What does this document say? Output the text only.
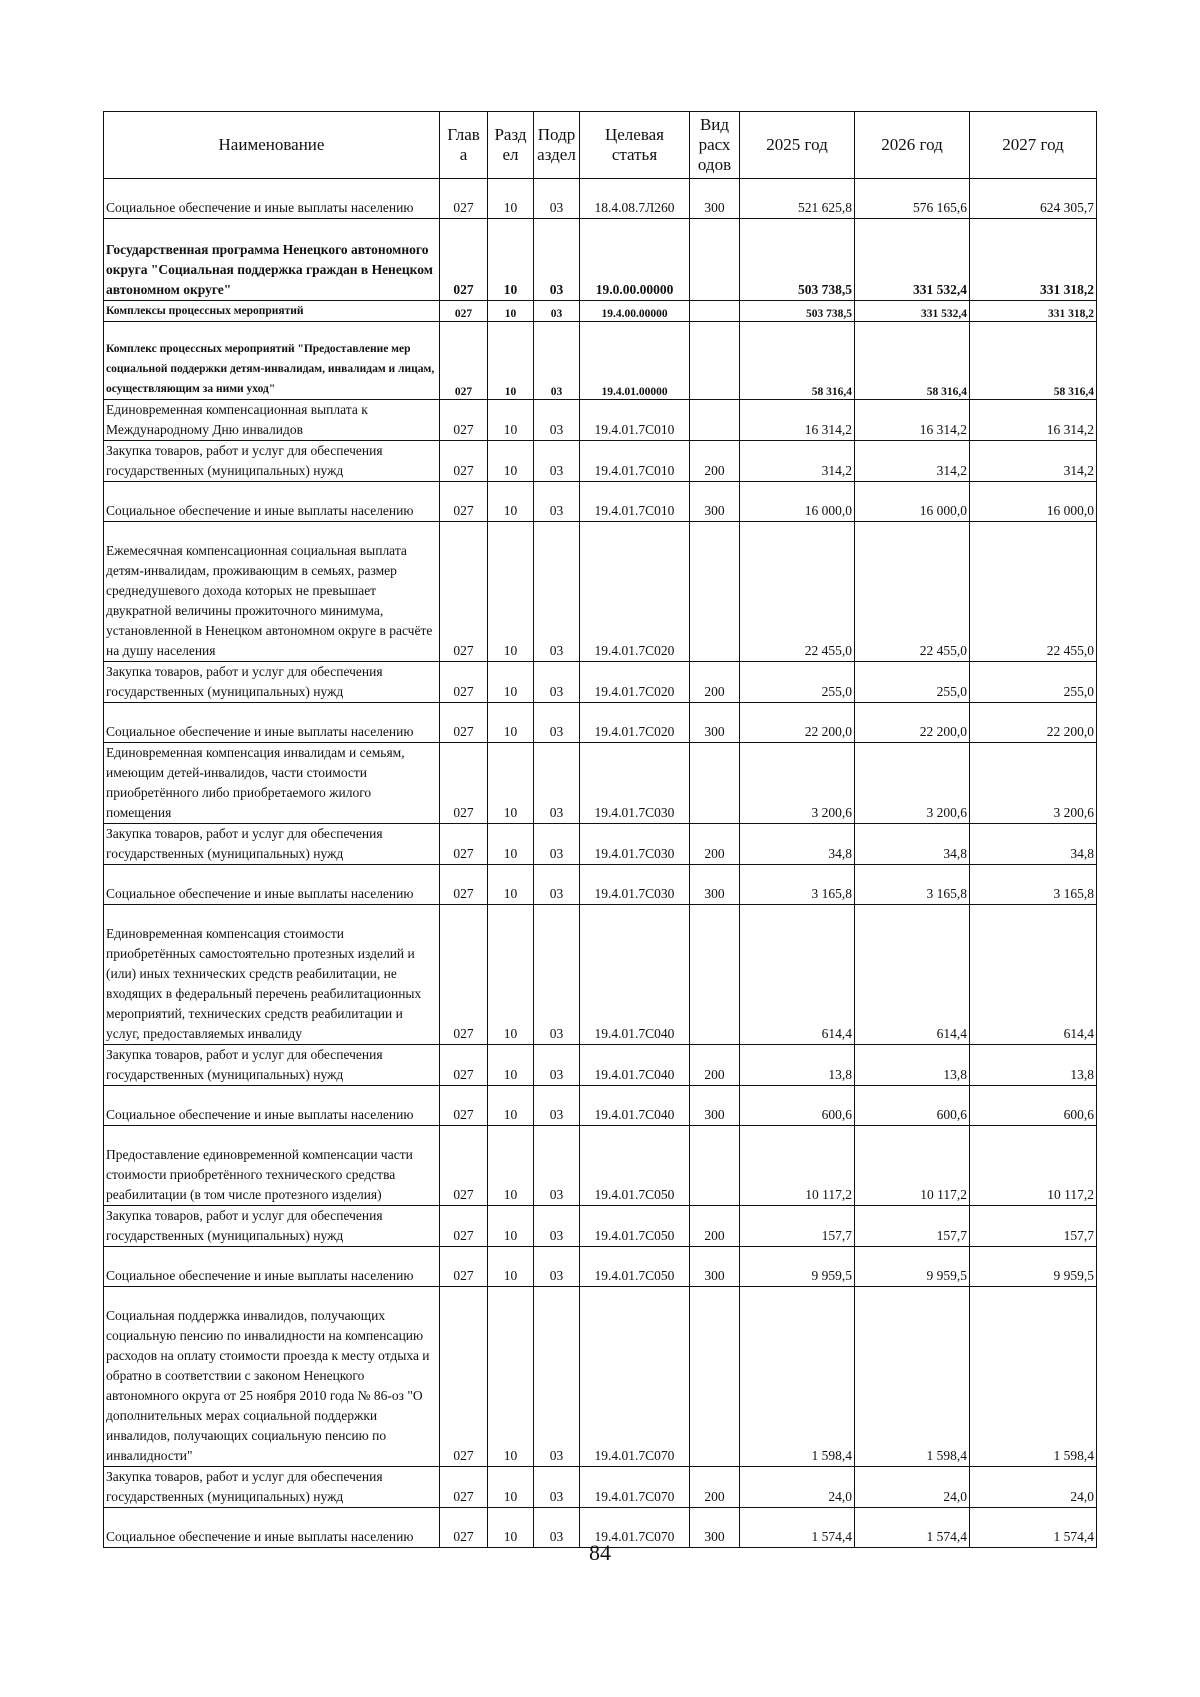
Наименование	Глав а	Разд ел	Подр аздел	Целевая статья	Вид расх одов	2025 год	2026 год	2027 год
Социальное обеспечение и иные выплаты населению	027	10	03	18.4.08.7Л260	300	521 625,8	576 165,6	624 305,7
Государственная программа Ненецкого автономного округа "Социальная поддержка граждан в Ненецком автономном округе"	027	10	03	19.0.00.00000		503 738,5	331 532,4	331 318,2
Комплексы процессных мероприятий	027	10	03	19.4.00.00000		503 738,5	331 532,4	331 318,2
Комплекс процессных мероприятий "Предоставление мер социальной поддержки детям-инвалидам, инвалидам и лицам, осуществляющим за ними уход"	027	10	03	19.4.01.00000		58 316,4	58 316,4	58 316,4
Единовременная компенсационная выплата к Международному Дню инвалидов	027	10	03	19.4.01.7С010		16 314,2	16 314,2	16 314,2
Закупка товаров, работ и услуг для обеспечения государственных (муниципальных) нужд	027	10	03	19.4.01.7С010	200	314,2	314,2	314,2
Социальное обеспечение и иные выплаты населению	027	10	03	19.4.01.7С010	300	16 000,0	16 000,0	16 000,0
Ежемесячная компенсационная социальная выплата детям-инвалидам, проживающим в семьях, размер среднедушевого дохода которых не превышает двукратной величины прожиточного минимума, установленной в Ненецком автономном округе в расчёте на душу населения	027	10	03	19.4.01.7С020		22 455,0	22 455,0	22 455,0
Закупка товаров, работ и услуг для обеспечения государственных (муниципальных) нужд	027	10	03	19.4.01.7С020	200	255,0	255,0	255,0
Социальное обеспечение и иные выплаты населению	027	10	03	19.4.01.7С020	300	22 200,0	22 200,0	22 200,0
Единовременная компенсация инвалидам и семьям, имеющим детей-инвалидов, части стоимости приобретённого либо приобретаемого жилого помещения	027	10	03	19.4.01.7С030		3 200,6	3 200,6	3 200,6
Закупка товаров, работ и услуг для обеспечения государственных (муниципальных) нужд	027	10	03	19.4.01.7С030	200	34,8	34,8	34,8
Социальное обеспечение и иные выплаты населению	027	10	03	19.4.01.7С030	300	3 165,8	3 165,8	3 165,8
Единовременная компенсация стоимости приобретённых самостоятельно протезных изделий и (или) иных технических средств реабилитации, не входящих в федеральный перечень реабилитационных мероприятий, технических средств реабилитации и услуг, предоставляемых инвалиду	027	10	03	19.4.01.7С040		614,4	614,4	614,4
Закупка товаров, работ и услуг для обеспечения государственных (муниципальных) нужд	027	10	03	19.4.01.7С040	200	13,8	13,8	13,8
Социальное обеспечение и иные выплаты населению	027	10	03	19.4.01.7С040	300	600,6	600,6	600,6
Предоставление единовременной компенсации части стоимости приобретённого технического средства реабилитации (в том числе протезного изделия)	027	10	03	19.4.01.7С050		10 117,2	10 117,2	10 117,2
Закупка товаров, работ и услуг для обеспечения государственных (муниципальных) нужд	027	10	03	19.4.01.7С050	200	157,7	157,7	157,7
Социальное обеспечение и иные выплаты населению	027	10	03	19.4.01.7С050	300	9 959,5	9 959,5	9 959,5
Социальная поддержка инвалидов, получающих социальную пенсию по инвалидности на компенсацию расходов на оплату стоимости проезда к месту отдыха и обратно в соответствии с законом Ненецкого автономного округа от 25 ноября 2010 года № 86-оз "О дополнительных мерах социальной поддержки инвалидов, получающих социальную пенсию по инвалидности"	027	10	03	19.4.01.7С070		1 598,4	1 598,4	1 598,4
Закупка товаров, работ и услуг для обеспечения государственных (муниципальных) нужд	027	10	03	19.4.01.7С070	200	24,0	24,0	24,0
Социальное обеспечение и иные выплаты населению	027	10	03	19.4.01.7С070	300	1 574,4	1 574,4	1 574,4
84
